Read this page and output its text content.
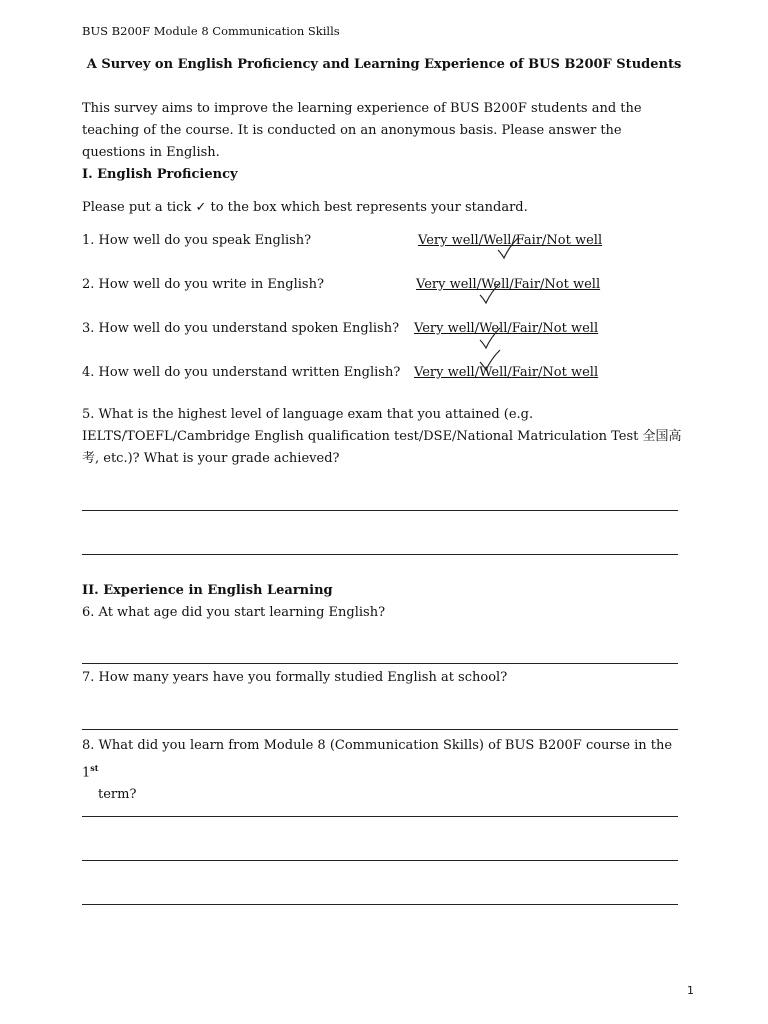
BUS B200F Module 8 Communication Skills
A Survey on English Proficiency and Learning Experience of BUS B200F Students
This survey aims to improve the learning experience of BUS B200F students and the teaching of the course. It is conducted on an anonymous basis. Please answer the questions in English.
I. English Proficiency
Please put a tick ✓ to the box which best represents your standard.
1. How well do you speak English?	Very well/Well/Fair/Not well
2. How well do you write in English?	Very well/Well/Fair/Not well
3. How well do you understand spoken English? Very well/Well/Fair/Not well
4. How well do you understand written English? Very well/Well/Fair/Not well
5. What is the highest level of language exam that you attained (e.g. IELTS/TOEFL/Cambridge English qualification test/DSE/National Matriculation Test 全国高考, etc.)? What is your grade achieved?
II. Experience in English Learning
6. At what age did you start learning English?
7. How many years have you formally studied English at school?
8. What did you learn from Module 8 (Communication Skills) of BUS B200F course in the 1st
term?
1
